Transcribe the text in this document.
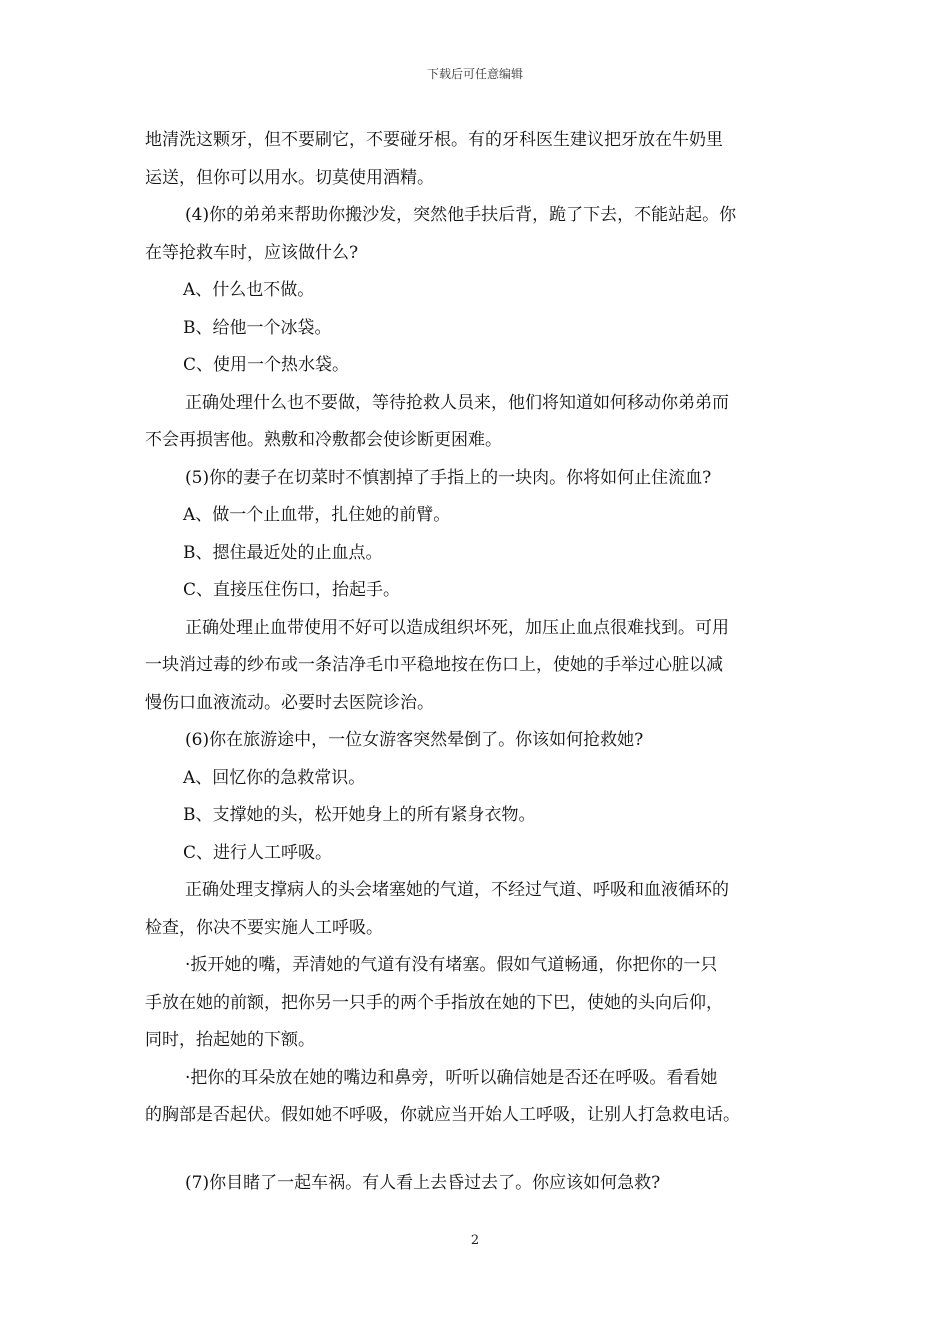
下载后可任意编辑

地清洗这颗牙，但不要刷它，不要碰牙根。有的牙科医生建议把牙放在牛奶里

运送，但你可以用水。切莫使用酒精。

(4)你的弟弟来帮助你搬沙发，突然他手扶后背，跪了下去，不能站起。你

在等抢救车时，应该做什么?

A、什么也不做。

B、给他一个冰袋。

C、使用一个热水袋。

正确处理什么也不要做，等待抢救人员来，他们将知道如何移动你弟弟而

不会再损害他。熟敷和冷敷都会使诊断更困难。

(5)你的妻子在切菜时不慎割掉了手指上的一块肉。你将如何止住流血?

A、做一个止血带，扎住她的前臂。

B、摁住最近处的止血点。

C、直接压住伤口，抬起手。

正确处理止血带使用不好可以造成组织坏死，加压止血点很难找到。可用

一块消过毒的纱布或一条洁净毛巾平稳地按在伤口上，使她的手举过心脏以减

慢伤口血液流动。必要时去医院诊治。

(6)你在旅游途中，一位女游客突然晕倒了。你该如何抢救她?

A、回忆你的急救常识。

B、支撑她的头，松开她身上的所有紧身衣物。

C、进行人工呼吸。

正确处理支撑病人的头会堵塞她的气道，不经过气道、呼吸和血液循环的

检查，你决不要实施人工呼吸。

·扳开她的嘴，弄清她的气道有没有堵塞。假如气道畅通，你把你的一只

手放在她的前额，把你另一只手的两个手指放在她的下巴，使她的头向后仰，

同时，抬起她的下额。

·把你的耳朵放在她的嘴边和鼻旁，听听以确信她是否还在呼吸。看看她

的胸部是否起伏。假如她不呼吸，你就应当开始人工呼吸，让别人打急救电话。

(7)你目睹了一起车祸。有人看上去昏过去了。你应该如何急救?

2
